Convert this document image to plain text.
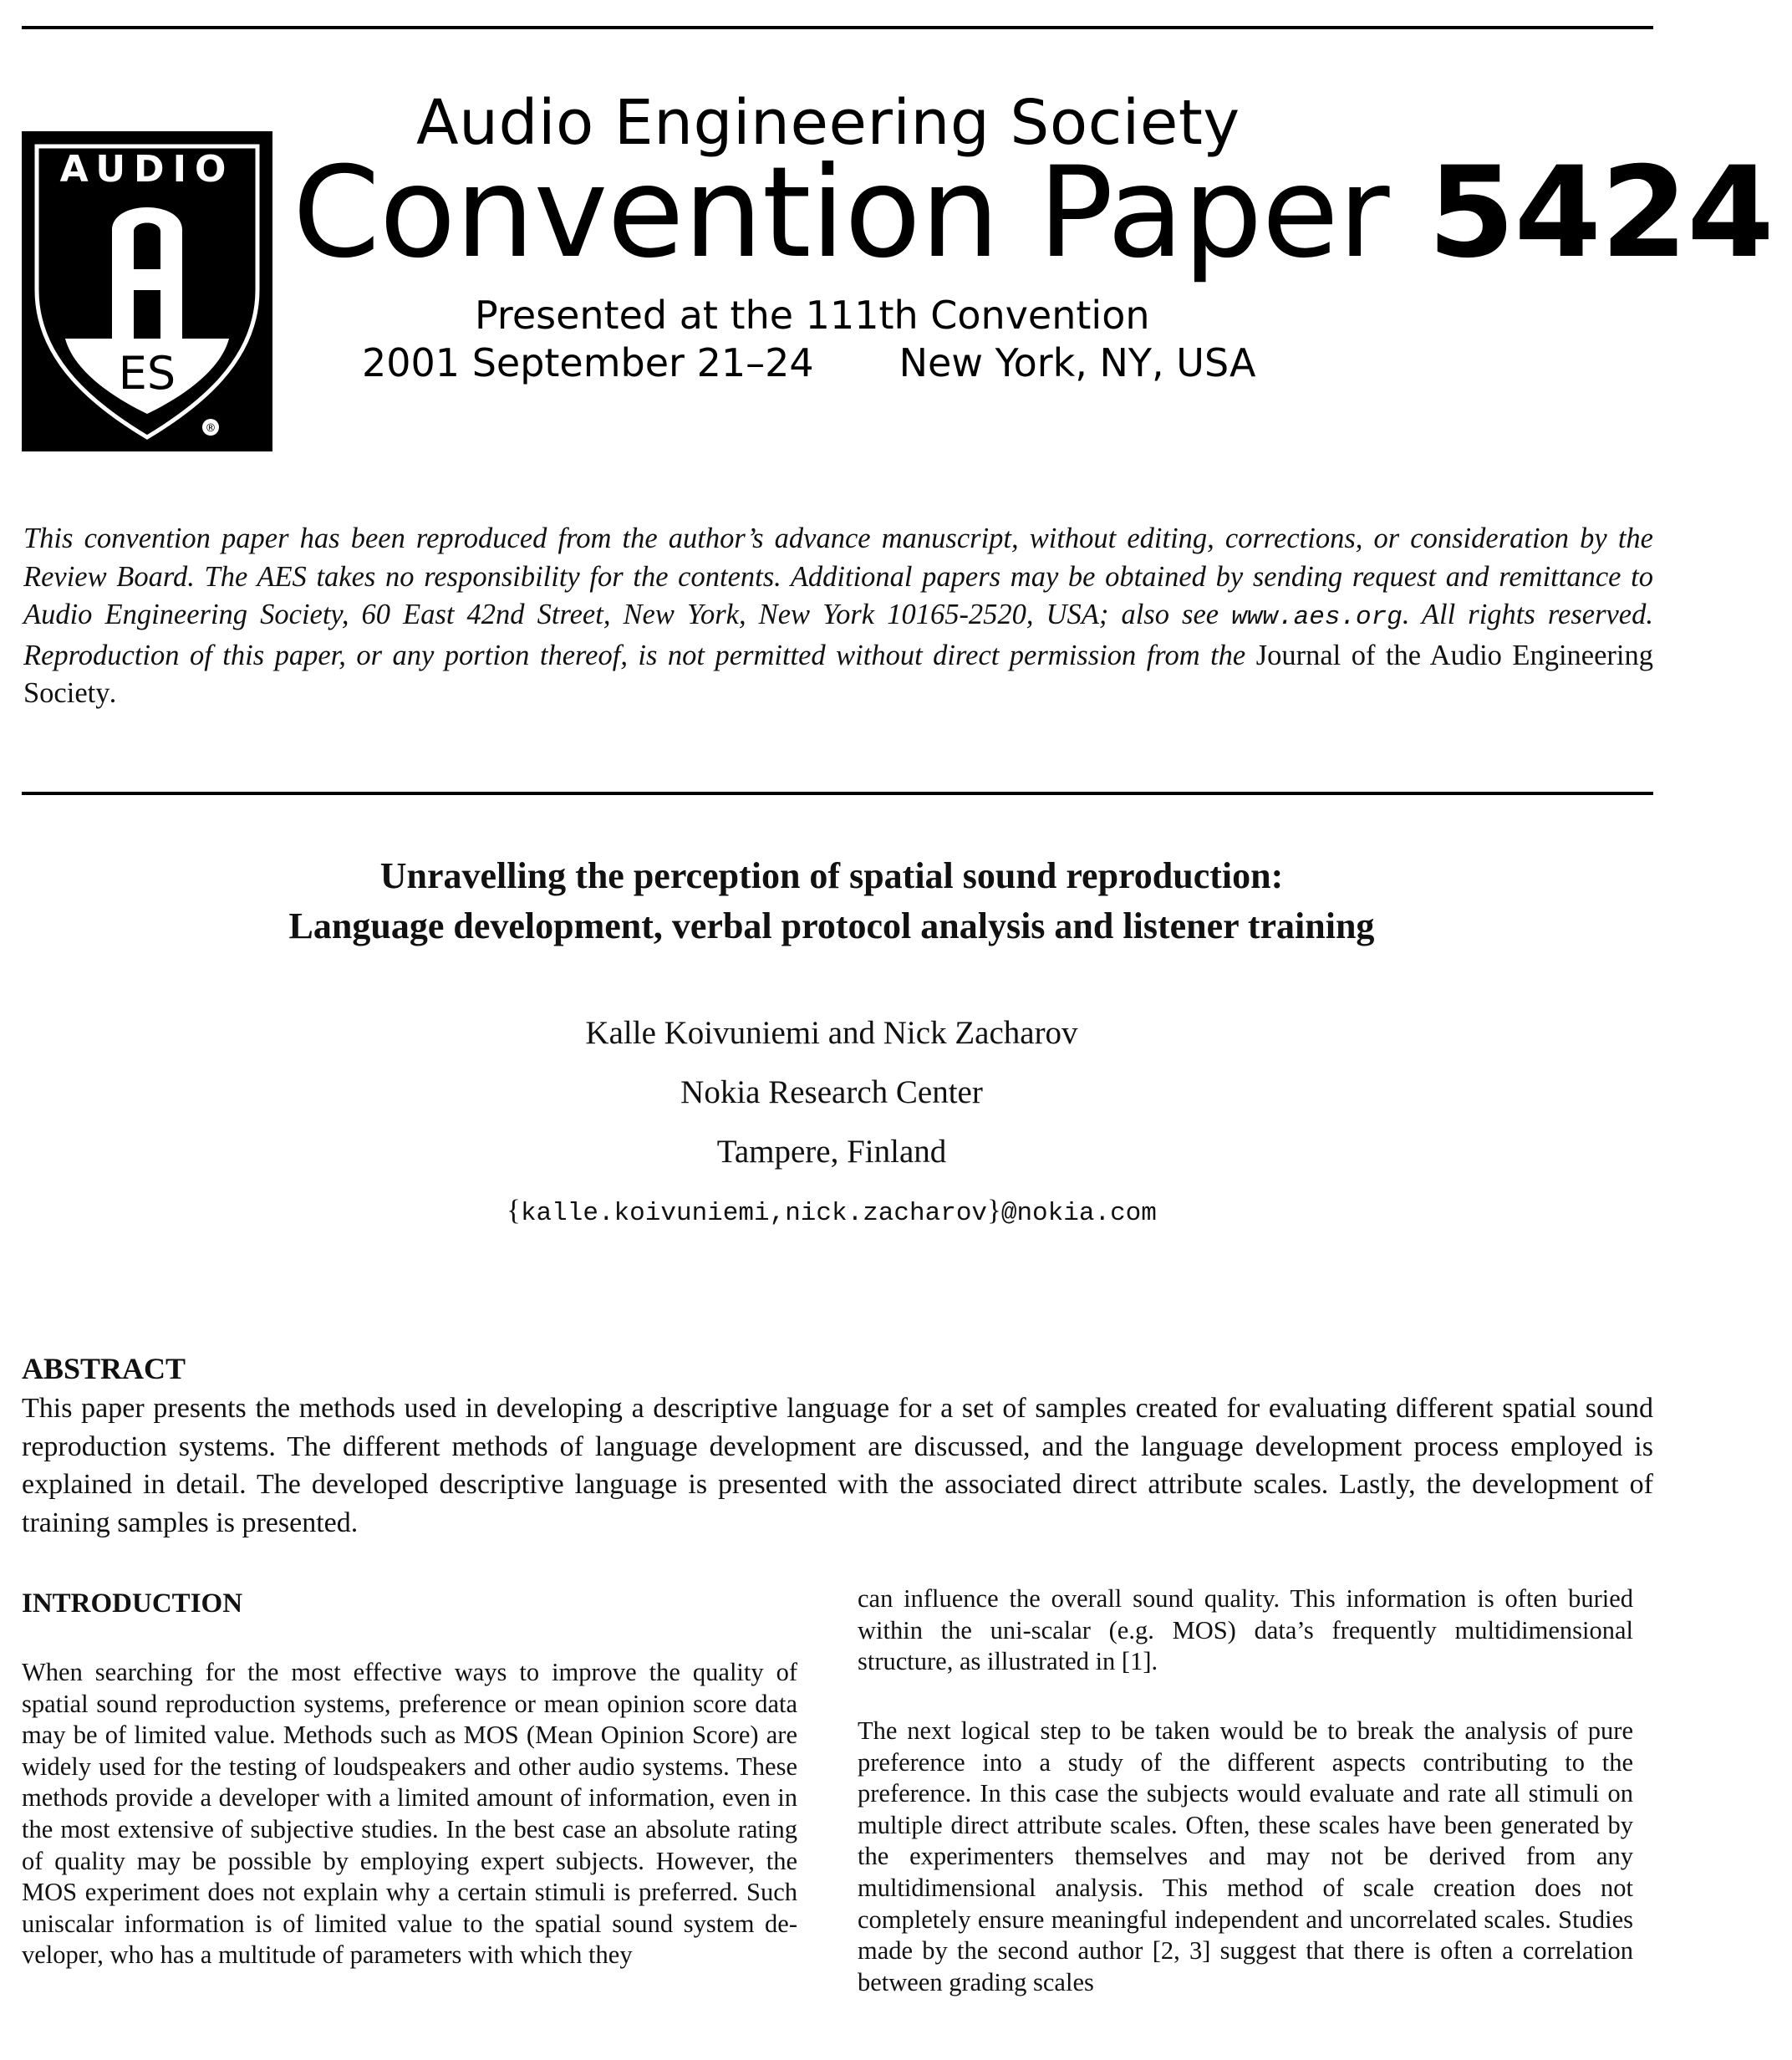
AUDIO
ES
®
Audio Engineering Society
Convention Paper 5424
Presented at the 111th Convention
2001 September 21–24 New York, NY, USA
This convention paper has been reproduced from the author’s advance manuscript, without editing, corrections, or consideration by the Review Board. The AES takes no responsibility for the contents. Additional papers may be obtained by sending request and remittance to Audio Engineering Society, 60 East 42nd Street, New York, New York 10165-2520, USA; also see www.aes.org. All rights reserved. Reproduction of this paper, or any portion thereof, is not permitted without direct permission from the Journal of the Audio Engineering Society.
Unravelling the perception of spatial sound reproduction:
Language development, verbal protocol analysis and listener training
Kalle Koivuniemi and Nick Zacharov
Nokia Research Center
Tampere, Finland
{kalle.koivuniemi,nick.zacharov}@nokia.com
ABSTRACT
This paper presents the methods used in developing a descriptive language for a set of samples created for evaluating different spatial sound reproduction systems. The different methods of language development are discussed, and the language development process employed is explained in detail. The developed descriptive language is presented with the associated direct attribute scales. Lastly, the development of training samples is presented.
INTRODUCTION
When searching for the most effective ways to improve the quality of spatial sound reproduction systems, preference or mean opinion score data may be of limited value. Methods such as MOS (Mean Opinion Score) are widely used for the testing of loudspeakers and other audio systems. These methods provide a developer with a limited amount of information, even in the most extensive of subjective studies. In the best case an absolute rating of quality may be possible by employing expert subjects. However, the MOS experiment does not explain why a certain stimuli is preferred. Such uniscalar information is of limited value to the spatial sound system developer, who has a multitude of parameters with which they
can influence the overall sound quality. This information is often buried within the uni-scalar (e.g. MOS) data’s frequently multidimensional structure, as illustrated in [1].
The next logical step to be taken would be to break the analysis of pure preference into a study of the different aspects contributing to the preference. In this case the subjects would evaluate and rate all stimuli on multiple direct attribute scales. Often, these scales have been generated by the experimenters themselves and may not be derived from any multidimensional analysis. This method of scale creation does not completely ensure meaningful independent and uncorrelated scales. Studies made by the second author [2, 3] suggest that there is often a correlation between grading scales
